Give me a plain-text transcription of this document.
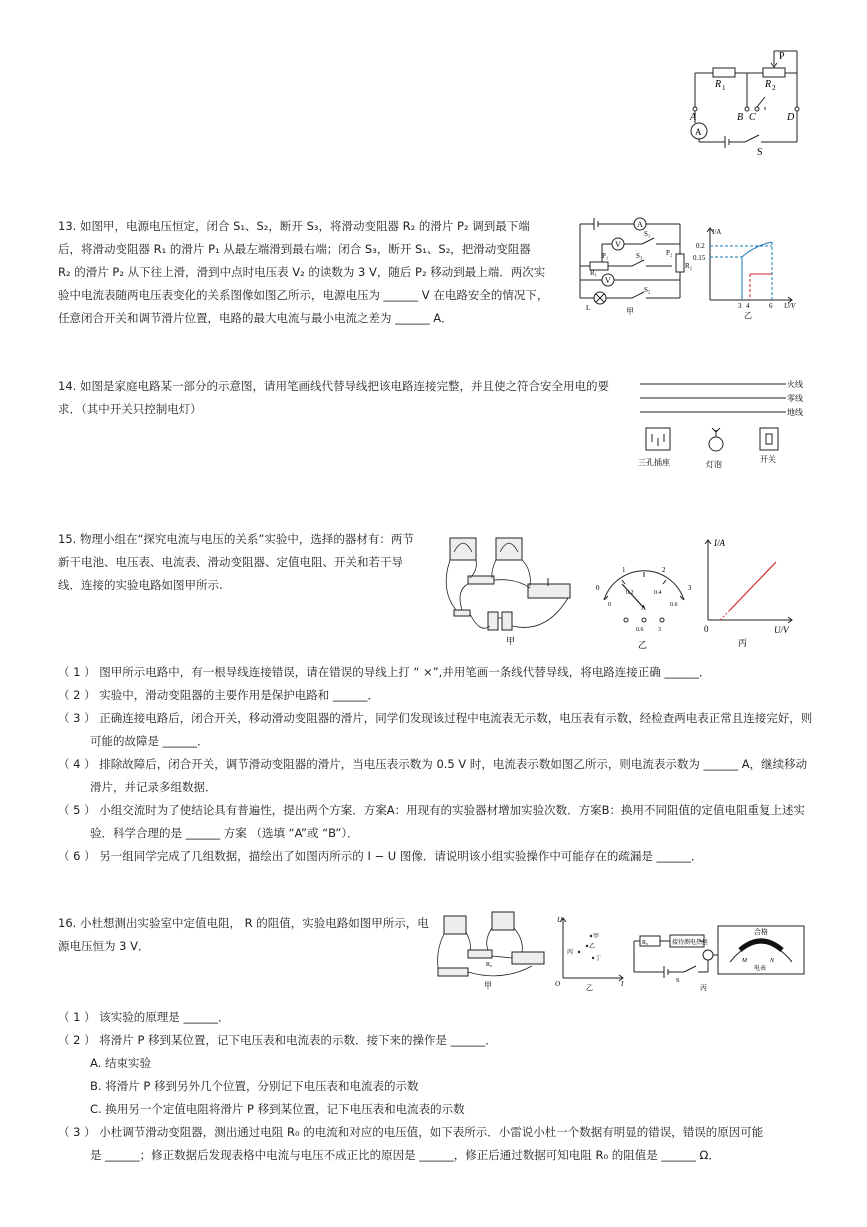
R 1	R 2
P
A	B C	D
A
S
13. 如图甲，电源电压恒定，闭合 S₁、S₂，断开 S₃，将滑动变阻器 R₂ 的滑片 P₂ 调到最下端
后，将滑动变阻器 R₁ 的滑片 P₁ 从最左端滑到最右端；闭合 S₃，断开 S₁、S₂，把滑动变阻器
R₂ 的滑片 P₂ 从下往上滑，滑到中点时电压表 V₂ 的读数为 3 V，随后 P₂ 移动到最上端．两次实
验中电流表随两电压表变化的关系图像如图乙所示，电源电压为 ______ V 在电路安全的情况下，
任意闭合开关和调节滑片位置，电路的最大电流与最小电流之差为 ______ A．
A
V
V
S₁
S₃
S₂
P₁	P₂
R₁
R₂
L	甲
I/A
0.2
0.15
3 4	6 U/V
乙
14. 如图是家庭电路某一部分的示意图，请用笔画线代替导线把该电路连接完整，并且使之符合安全用电的要
求．（其中开关只控制电灯）
火线
零线
地线
三孔插座	灯泡
开关
15. 物理小组在“探究电流与电压的关系”实验中，选择的器材有：两节
新干电池、电压表、电流表、滑动变阻器、定值电阻、开关和若干导
线．连接的实验电路如图甲所示.
甲
0
1	2
3
0
0.2	0.4
0.6
A
0.6 3
乙
I/A
0	U/V
丙
（ 1 ） 图甲所示电路中，有一根导线连接错误，请在错误的导线上打 “ ×”,并用笔画一条线代替导线，将电路连接正确 ______．
（ 2 ） 实验中，滑动变阻器的主要作用是保护电路和 ______．
（ 3 ） 正确连接电路后，闭合开关，移动滑动变阻器的滑片，同学们发现该过程中电流表无示数，电压表有示数，经检查两电表正常且连接完好，则
可能的故障是 ______．
（ 4 ） 排除故障后，闭合开关，调节滑动变阻器的滑片，当电压表示数为 0.5 V 时，电流表示数如图乙所示，则电流表示数为 ______ A，继续移动
滑片，并记录多组数据．
（ 5 ） 小组交流时为了使结论具有普遍性，提出两个方案．方案A：用现有的实验器材增加实验次数．方案B：换用不同阻值的定值电阻重复上述实
验．科学合理的是 ______ 方案 （选填 “A”或 “B”）．
（ 6 ） 另一组同学完成了几组数据，描绘出了如图丙所示的 I − U 图像．请说明该小组实验操作中可能存在的疏漏是 ______．
16. 小杜想测出实验室中定值电阻， R 的阻值，实验电路如图甲所示，电
源电压恒为 3 V．
R₀
甲
U
O	I
甲
乙
丙
丁
乙
R₀	接待测电热丝
S
合格
M	N
电表
丙
（ 1 ） 该实验的原理是 ______．
（ 2 ） 将滑片 P 移到某位置，记下电压表和电流表的示数．接下来的操作是 ______．
A. 结束实验
B. 将滑片 P 移到另外几个位置，分别记下电压表和电流表的示数
C. 换用另一个定值电阻将滑片 P 移到某位置，记下电压表和电流表的示数
（ 3 ） 小杜调节滑动变阻器，测出通过电阻 R₀ 的电流和对应的电压值，如下表所示．小雷说小杜一个数据有明显的错误，错误的原因可能
是 ______；修正数据后发现表格中电流与电压不成正比的原因是 ______，修正后通过数据可知电阻 R₀ 的阻值是 ______ Ω．
